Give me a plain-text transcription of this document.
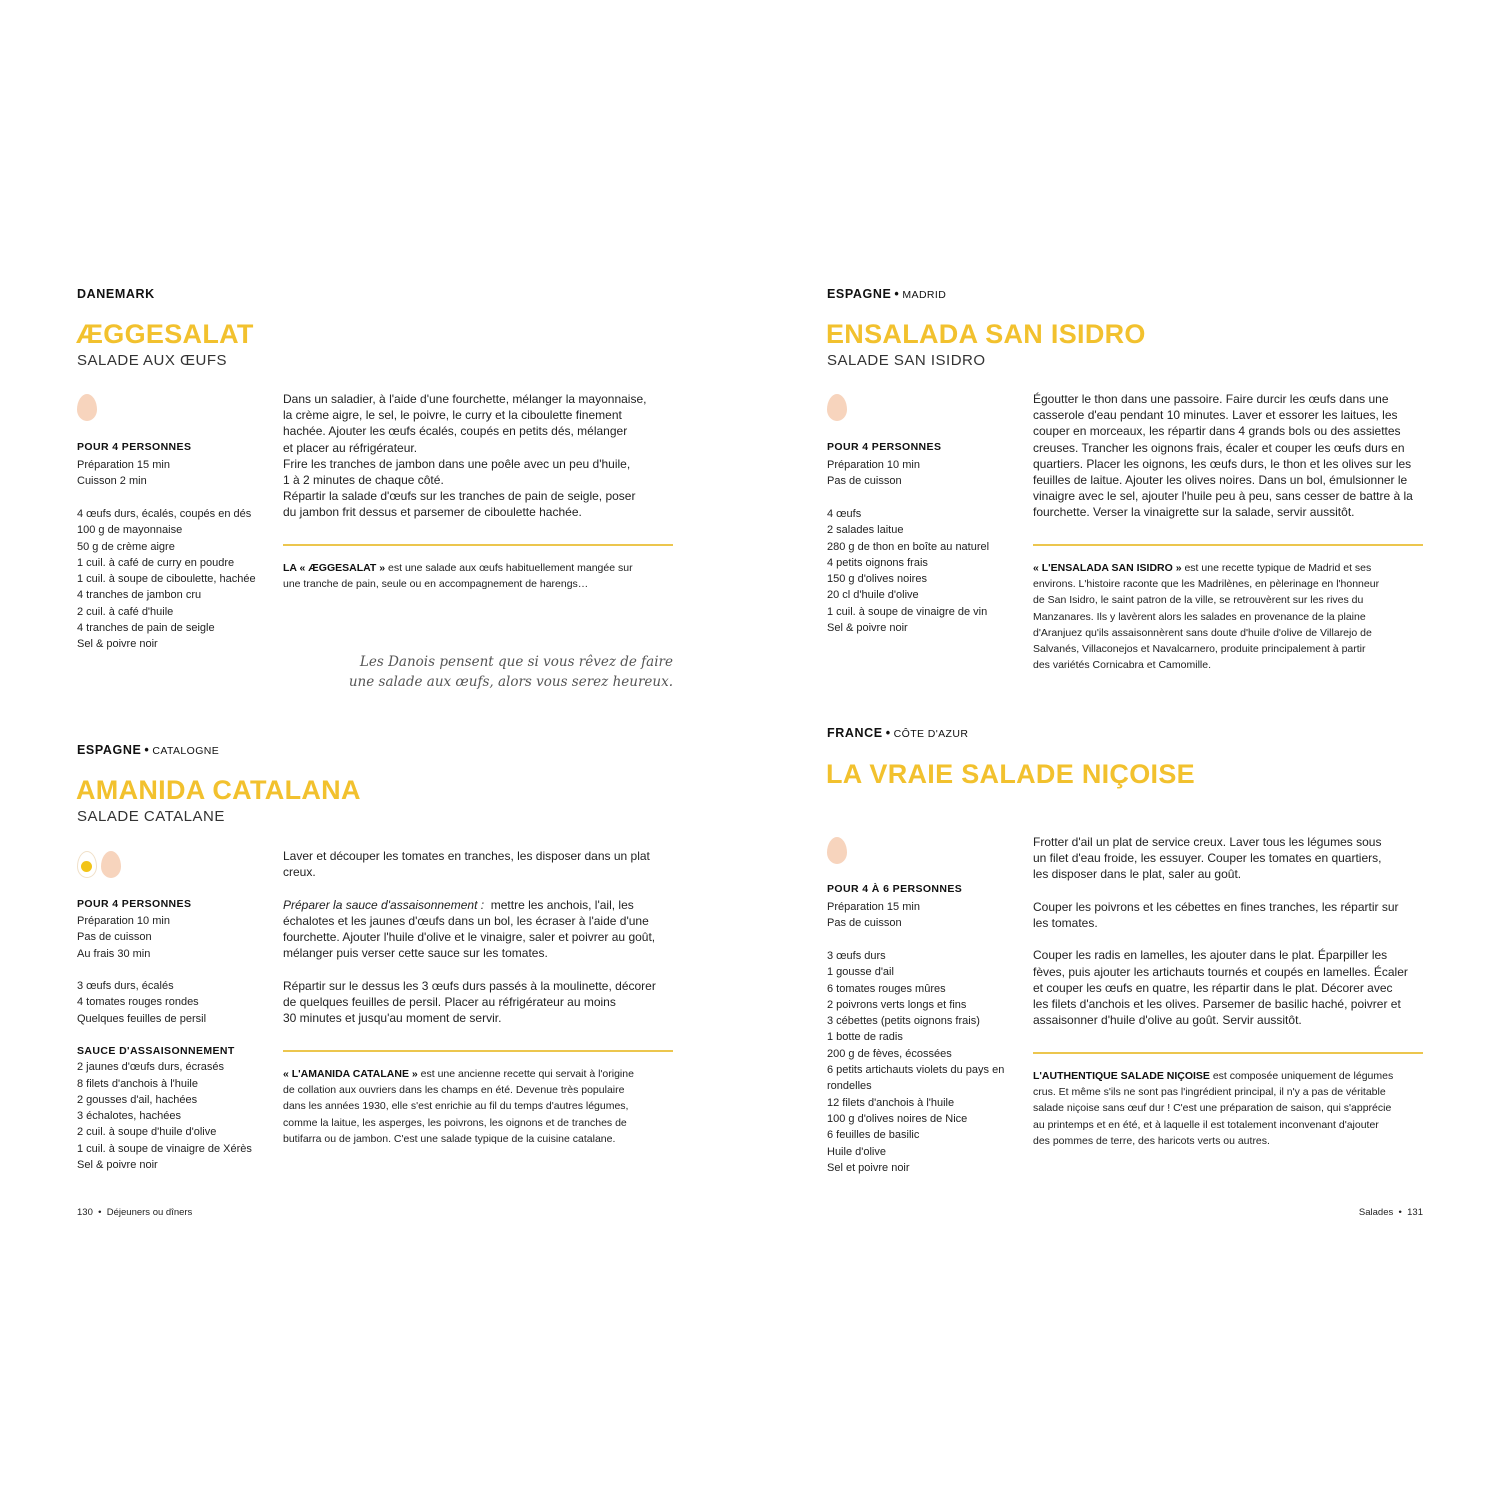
DANEMARK
ÆGGESALAT
SALADE AUX ŒUFS
POUR 4 PERSONNES
Préparation 15 min
Cuisson 2 min
4 œufs durs, écalés, coupés en dés
100 g de mayonnaise
50 g de crème aigre
1 cuil. à café de curry en poudre
1 cuil. à soupe de ciboulette, hachée
4 tranches de jambon cru
2 cuil. à café d'huile
4 tranches de pain de seigle
Sel & poivre noir
Dans un saladier, à l'aide d'une fourchette, mélanger la mayonnaise,
la crème aigre, le sel, le poivre, le curry et la ciboulette finement
hachée. Ajouter les œufs écalés, coupés en petits dés, mélanger
et placer au réfrigérateur.
Frire les tranches de jambon dans une poêle avec un peu d'huile,
1 à 2 minutes de chaque côté.
Répartir la salade d'œufs sur les tranches de pain de seigle, poser
du jambon frit dessus et parsemer de ciboulette hachée.
LA « ÆGGESALAT » est une salade aux œufs habituellement mangée sur
une tranche de pain, seule ou en accompagnement de harengs…
Les Danois pensent que si vous rêvez de faire
une salade aux œufs, alors vous serez heureux.
ESPAGNE • MADRID
ENSALADA SAN ISIDRO
SALADE SAN ISIDRO
POUR 4 PERSONNES
Préparation 10 min
Pas de cuisson
4 œufs
2 salades laitue
280 g de thon en boîte au naturel
4 petits oignons frais
150 g d'olives noires
20 cl d'huile d'olive
1 cuil. à soupe de vinaigre de vin
Sel & poivre noir
Égoutter le thon dans une passoire. Faire durcir les œufs dans une
casserole d'eau pendant 10 minutes. Laver et essorer les laitues, les
couper en morceaux, les répartir dans 4 grands bols ou des assiettes
creuses. Trancher les oignons frais, écaler et couper les œufs durs en
quartiers. Placer les oignons, les œufs durs, le thon et les olives sur les
feuilles de laitue. Ajouter les olives noires. Dans un bol, émulsionner le
vinaigre avec le sel, ajouter l'huile peu à peu, sans cesser de battre à la
fourchette. Verser la vinaigrette sur la salade, servir aussitôt.
« L'ENSALADA SAN ISIDRO » est une recette typique de Madrid et ses
environs. L'histoire raconte que les Madrilènes, en pèlerinage en l'honneur
de San Isidro, le saint patron de la ville, se retrouvèrent sur les rives du
Manzanares. Ils y lavèrent alors les salades en provenance de la plaine
d'Aranjuez qu'ils assaisonnèrent sans doute d'huile d'olive de Villarejo de
Salvanés, Villaconejos et Navalcarnero, produite principalement à partir
des variétés Cornicabra et Camomille.
ESPAGNE • CATALOGNE
AMANIDA CATALANA
SALADE CATALANE
POUR 4 PERSONNES
Préparation 10 min
Pas de cuisson
Au frais 30 min
3 œufs durs, écalés
4 tomates rouges rondes
Quelques feuilles de persil
SAUCE D'ASSAISONNEMENT
2 jaunes d'œufs durs, écrasés
8 filets d'anchois à l'huile
2 gousses d'ail, hachées
3 échalotes, hachées
2 cuil. à soupe d'huile d'olive
1 cuil. à soupe de vinaigre de Xérès
Sel & poivre noir
Laver et découper les tomates en tranches, les disposer dans un plat
creux.
Préparer la sauce d'assaisonnement : mettre les anchois, l'ail, les
échalotes et les jaunes d'œufs dans un bol, les écraser à l'aide d'une
fourchette. Ajouter l'huile d'olive et le vinaigre, saler et poivrer au goût,
mélanger puis verser cette sauce sur les tomates.
Répartir sur le dessus les 3 œufs durs passés à la moulinette, décorer
de quelques feuilles de persil. Placer au réfrigérateur au moins
30 minutes et jusqu'au moment de servir.
« L'AMANIDA CATALANE » est une ancienne recette qui servait à l'origine
de collation aux ouvriers dans les champs en été. Devenue très populaire
dans les années 1930, elle s'est enrichie au fil du temps d'autres légumes,
comme la laitue, les asperges, les poivrons, les oignons et de tranches de
butifarra ou de jambon. C'est une salade typique de la cuisine catalane.
FRANCE • CÔTE D'AZUR
LA VRAIE SALADE NIÇOISE
POUR 4 À 6 PERSONNES
Préparation 15 min
Pas de cuisson
3 œufs durs
1 gousse d'ail
6 tomates rouges mûres
2 poivrons verts longs et fins
3 cébettes (petits oignons frais)
1 botte de radis
200 g de fèves, écossées
6 petits artichauts violets du pays en
rondelles
12 filets d'anchois à l'huile
100 g d'olives noires de Nice
6 feuilles de basilic
Huile d'olive
Sel et poivre noir
Frotter d'ail un plat de service creux. Laver tous les légumes sous
un filet d'eau froide, les essuyer. Couper les tomates en quartiers,
les disposer dans le plat, saler au goût.
Couper les poivrons et les cébettes en fines tranches, les répartir sur
les tomates.
Couper les radis en lamelles, les ajouter dans le plat. Éparpiller les
fèves, puis ajouter les artichauts tournés et coupés en lamelles. Écaler
et couper les œufs en quatre, les répartir dans le plat. Décorer avec
les filets d'anchois et les olives. Parsemer de basilic haché, poivrer et
assaisonner d'huile d'olive au goût. Servir aussitôt.
L'AUTHENTIQUE SALADE NIÇOISE est composée uniquement de légumes
crus. Et même s'ils ne sont pas l'ingrédient principal, il n'y a pas de véritable
salade niçoise sans œuf dur ! C'est une préparation de saison, qui s'apprécie
au printemps et en été, et à laquelle il est totalement inconvenant d'ajouter
des pommes de terre, des haricots verts ou autres.
130 • Déjeuners ou dîners	Salades • 131
